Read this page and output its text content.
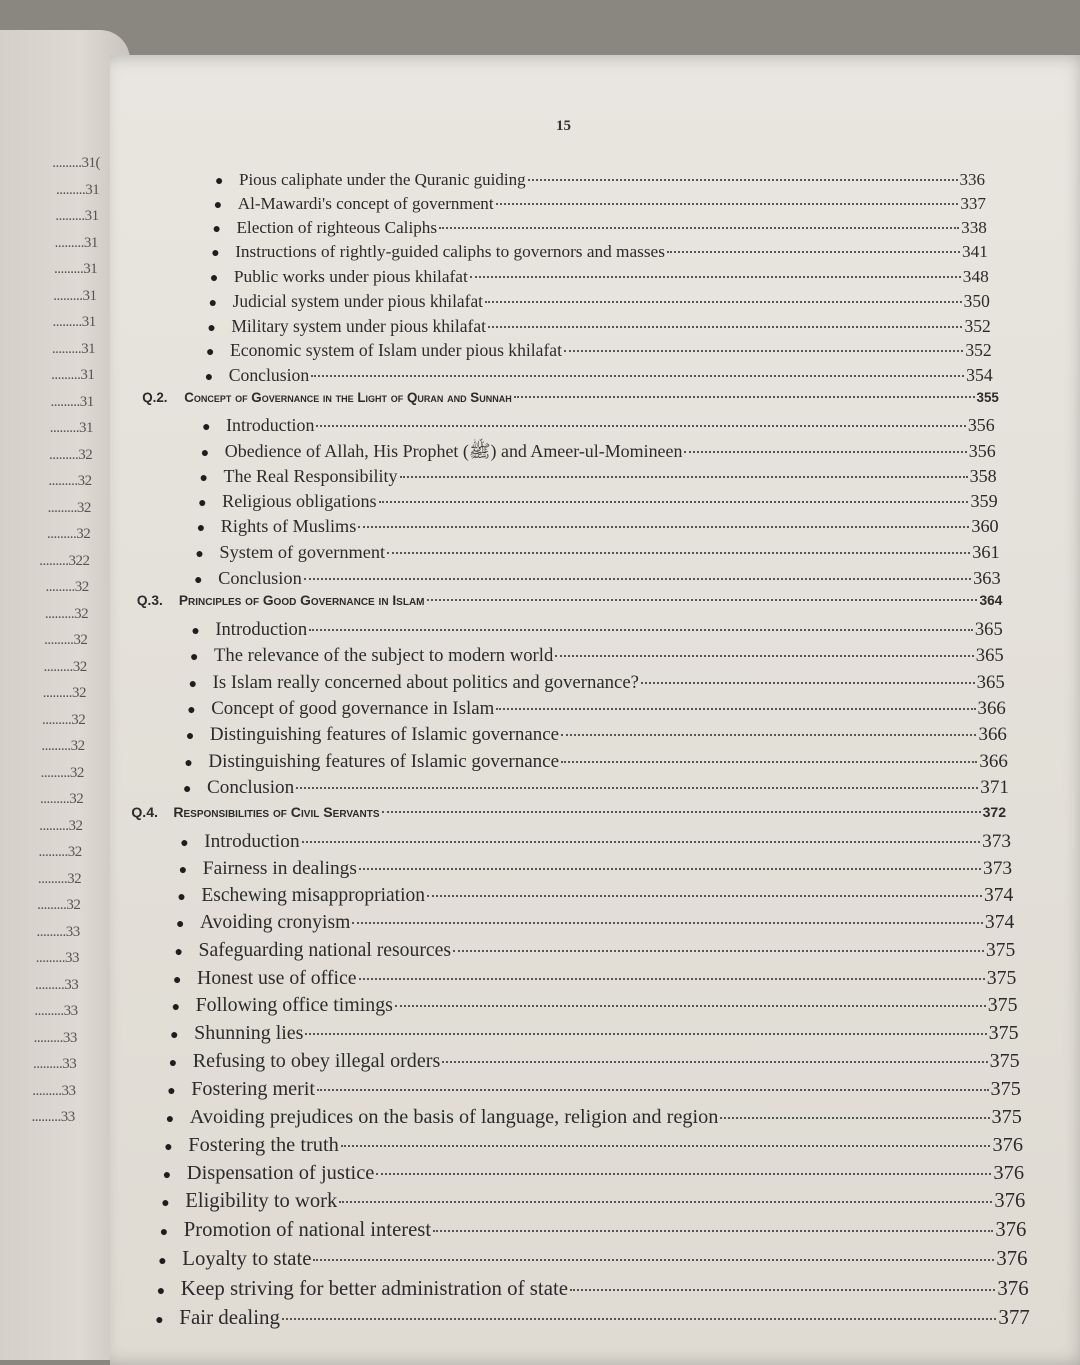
.........31(
.........31
.........31
.........31
.........31
.........31
.........31
.........31
.........31
.........31
.........31
.........32
.........32
.........32
.........32
.........322
.........32
.........32
.........32
.........32
.........32
.........32
.........32
.........32
.........32
.........32
.........32
.........32
.........32
.........33
.........33
.........33
.........33
.........33
.........33
.........33
.........33
15
● Pious caliphate under the Quranic guiding	336
● Al-Mawardi's concept of government	337
● Election of righteous Caliphs	338
● Instructions of rightly-guided caliphs to governors and masses	341
● Public works under pious khilafat	348
● Judicial system under pious khilafat	350
● Military system under pious khilafat	352
● Economic system of Islam under pious khilafat	352
● Conclusion	354
Q.2.	Concept of Governance in the Light of Quran and Sunnah	355
● Introduction	356
● Obedience of Allah, His Prophet (ﷺ) and Ameer-ul-Momineen	356
● The Real Responsibility	358
● Religious obligations	359
● Rights of Muslims	360
● System of government	361
● Conclusion	363
Q.3.	Principles of Good Governance in Islam	364
● Introduction	365
● The relevance of the subject to modern world	365
● Is Islam really concerned about politics and governance?	365
● Concept of good governance in Islam	366
● Distinguishing features of Islamic governance	366
● Distinguishing features of Islamic governance	366
● Conclusion	371
Q.4.	Responsibilities of Civil Servants	372
● Introduction	373
● Fairness in dealings	373
● Eschewing misappropriation	374
● Avoiding cronyism	374
● Safeguarding national resources	375
● Honest use of office	375
● Following office timings	375
● Shunning lies	375
● Refusing to obey illegal orders	375
● Fostering merit	375
● Avoiding prejudices on the basis of language, religion and region	375
● Fostering the truth	376
● Dispensation of justice	376
● Eligibility to work	376
● Promotion of national interest	376
● Loyalty to state	376
● Keep striving for better administration of state	376
● Fair dealing	377
